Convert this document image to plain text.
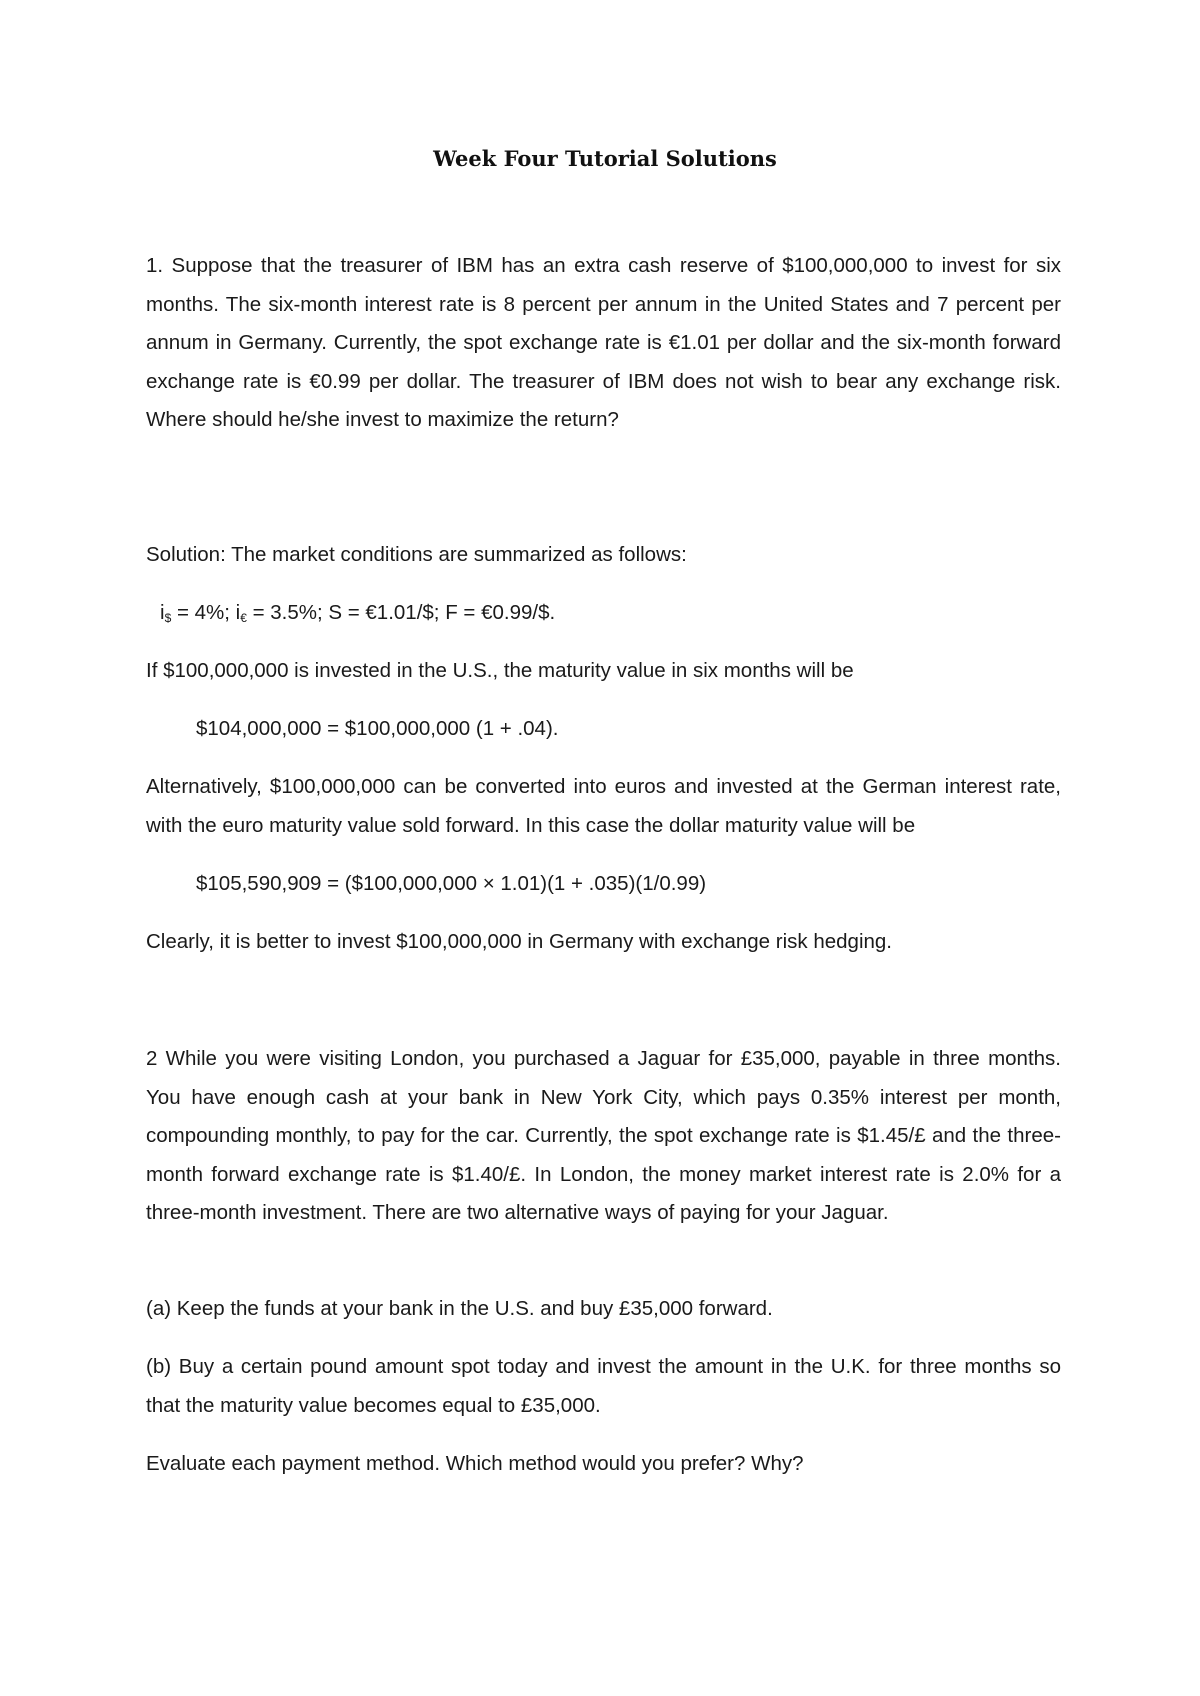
Week Four Tutorial Solutions

1. Suppose that the treasurer of IBM has an extra cash reserve of $100,000,000 to invest for six months. The six-month interest rate is 8 percent per annum in the United States and 7 percent per annum in Germany. Currently, the spot exchange rate is €1.01 per dollar and the six-month forward exchange rate is €0.99 per dollar. The treasurer of IBM does not wish to bear any exchange risk. Where should he/she invest to maximize the return?

Solution: The market conditions are summarized as follows:

$i_{\$} = 4\%$; $i_€ = 3.5\%$; S = €1.01/$; F = €0.99/$.

If $100,000,000 is invested in the U.S., the maturity value in six months will be

$104,000,000 = $100,000,000 (1 + .04).

Alternatively, $100,000,000 can be converted into euros and invested at the German interest rate, with the euro maturity value sold forward. In this case the dollar maturity value will be

$105,590,909 = ($100,000,000 × 1.01)(1 + .035)(1/0.99)

Clearly, it is better to invest $100,000,000 in Germany with exchange risk hedging.

2 While you were visiting London, you purchased a Jaguar for £35,000, payable in three months. You have enough cash at your bank in New York City, which pays 0.35% interest per month, compounding monthly, to pay for the car. Currently, the spot exchange rate is $1.45/£ and the three-month forward exchange rate is $1.40/£. In London, the money market interest rate is 2.0% for a three-month investment. There are two alternative ways of paying for your Jaguar.

(a) Keep the funds at your bank in the U.S. and buy £35,000 forward.

(b) Buy a certain pound amount spot today and invest the amount in the U.K. for three months so that the maturity value becomes equal to £35,000.

Evaluate each payment method. Which method would you prefer? Why?
